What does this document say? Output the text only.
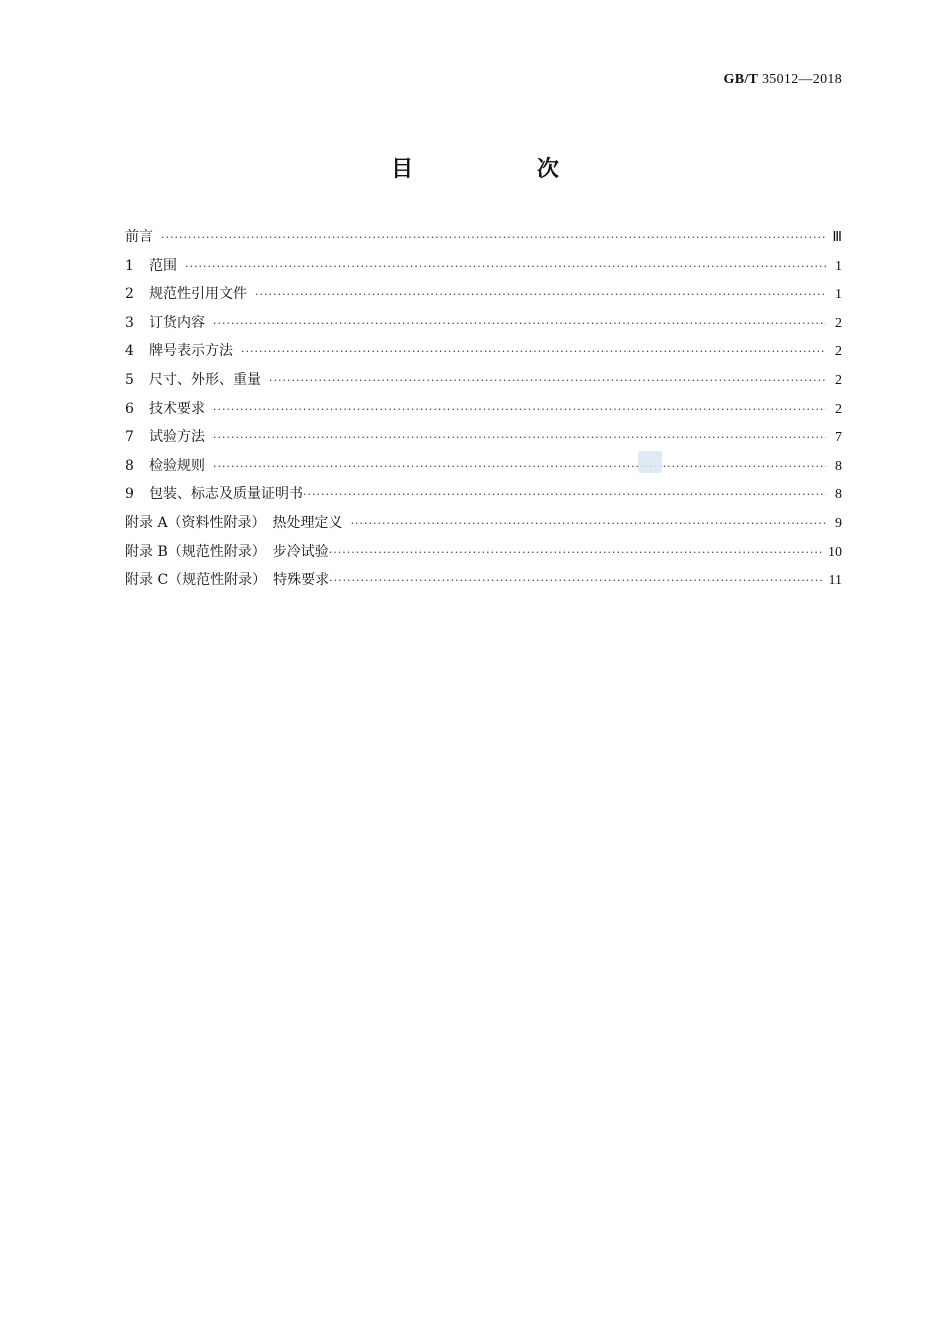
GB/T 35012—2018
目 次
前言 ·····	Ⅲ
1	范围 ·····	1
2	规范性引用文件 ·····	1
3	订货内容 ·····	2
4	牌号表示方法 ·····	2
5	尺寸、外形、重量 ·····	2
6	技术要求 ·····	2
7	试验方法 ·····	7
8	检验规则 ·····	8
9	包装、标志及质量证明书 ·····	8
附录 A（资料性附录）　热处理定义 ·····	9
附录 B（规范性附录）　步冷试验 ·····	10
附录 C（规范性附录）　特殊要求 ·····	11
